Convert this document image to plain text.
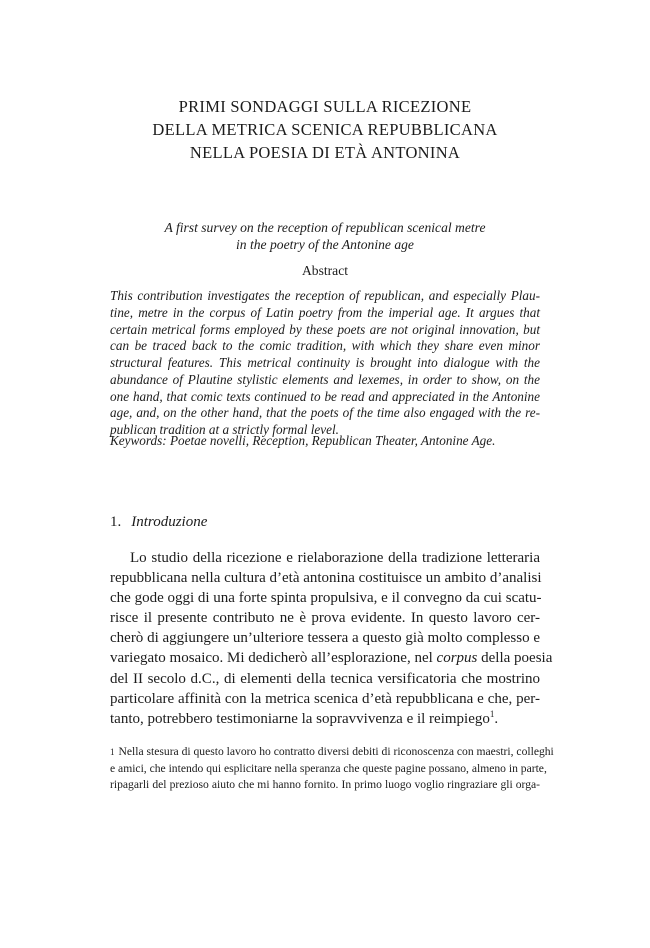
PRIMI SONDAGGI SULLA RICEZIONE
DELLA METRICA SCENICA REPUBBLICANA
NELLA POESIA DI ETÀ ANTONINA
A first survey on the reception of republican scenical metre
in the poetry of the Antonine age
Abstract
This contribution investigates the reception of republican, and especially Plau-
tine, metre in the corpus of Latin poetry from the imperial age. It argues that
certain metrical forms employed by these poets are not original innovation, but
can be traced back to the comic tradition, with which they share even minor
structural features. This metrical continuity is brought into dialogue with the
abundance of Plautine stylistic elements and lexemes, in order to show, on the
one hand, that comic texts continued to be read and appreciated in the Antonine
age, and, on the other hand, that the poets of the time also engaged with the re-
publican tradition at a strictly formal level.
Keywords: Poetae novelli, Reception, Republican Theater, Antonine Age.
1. Introduzione
Lo studio della ricezione e rielaborazione della tradizione letteraria
repubblicana nella cultura d’età antonina costituisce un ambito d’analisi
che gode oggi di una forte spinta propulsiva, e il convegno da cui scatu-
risce il presente contributo ne è prova evidente. In questo lavoro cer-
cherò di aggiungere un’ulteriore tessera a questo già molto complesso e
variegato mosaico. Mi dedicherò all’esplorazione, nel corpus della poesia
del II secolo d.C., di elementi della tecnica versificatoria che mostrino
particolare affinità con la metrica scenica d’età repubblicana e che, per-
tanto, potrebbero testimoniarne la sopravvivenza e il reimpiego$^1$.
1 Nella stesura di questo lavoro ho contratto diversi debiti di riconoscenza con maestri, colleghi
e amici, che intendo qui esplicitare nella speranza che queste pagine possano, almeno in parte,
ripagarli del prezioso aiuto che mi hanno fornito. In primo luogo voglio ringraziare gli orga-
